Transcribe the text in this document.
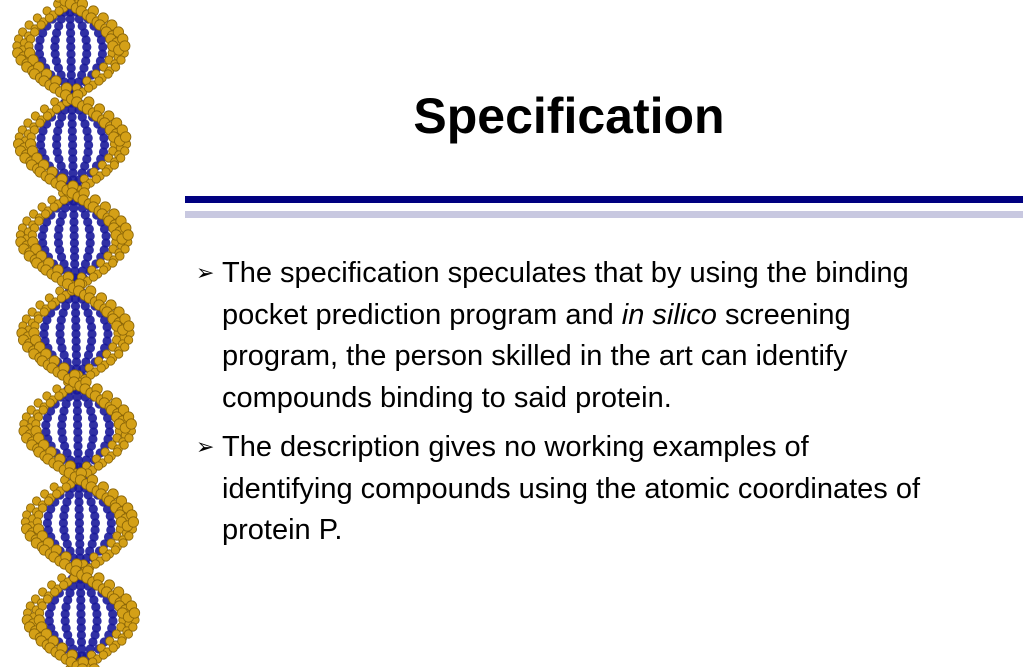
Specification
➢ The specification speculates that by using the binding pocket prediction program and in silico screening program, the person skilled in the art can identify compounds binding to said protein.
➢ The description gives no working examples of identifying compounds using the atomic coordinates of protein P.
